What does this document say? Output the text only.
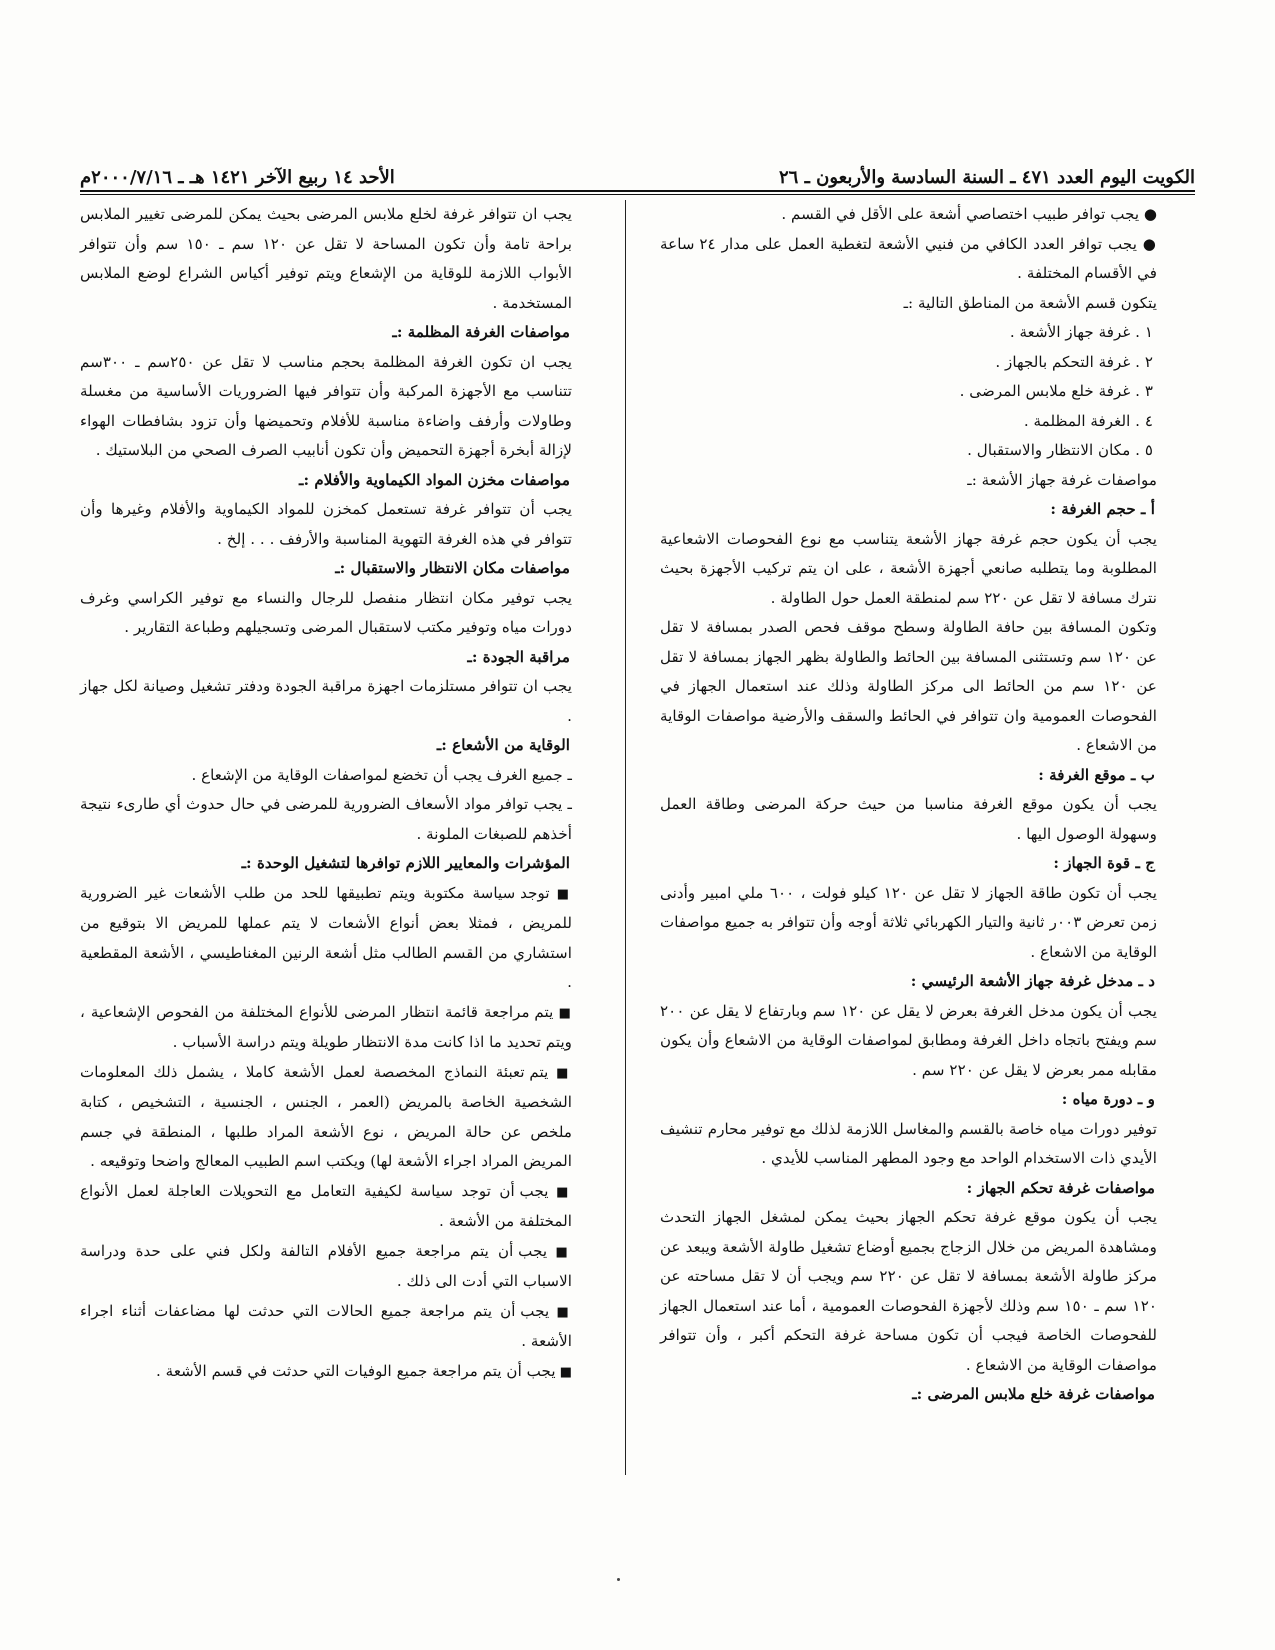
الكويت اليوم العدد ٤٧١ ـ السنة السادسة والأربعون ـ ٢٦
الأحد ١٤ ربيع الآخر ١٤٢١ هـ ـ ٢٠٠٠/٧/١٦م

● يجب توافر طبيب اختصاصي أشعة على الأقل في القسم .

● يجب توافر العدد الكافي من فنيي الأشعة لتغطية العمل على مدار ٢٤ ساعة في الأقسام المختلفة .

يتكون قسم الأشعة من المناطق التالية :ـ

١ . غرفة جهاز الأشعة .

٢ . غرفة التحكم بالجهاز .

٣ . غرفة خلع ملابس المرضى .

٤ . الغرفة المظلمة .

٥ . مكان الانتظار والاستقبال .

مواصفات غرفة جهاز الأشعة :ـ

أ ـ حجم الغرفة :

يجب أن يكون حجم غرفة جهاز الأشعة يتناسب مع نوع الفحوصات الاشعاعية المطلوبة وما يتطلبه صانعي أجهزة الأشعة ، على ان يتم تركيب الأجهزة بحيث نترك مسافة لا تقل عن ٢٢٠ سم لمنطقة العمل حول الطاولة .

وتكون المسافة بين حافة الطاولة وسطح موقف فحص الصدر بمسافة لا تقل عن ١٢٠ سم وتستثنى المسافة بين الحائط والطاولة بظهر الجهاز بمسافة لا تقل عن ١٢٠ سم من الحائط الى مركز الطاولة وذلك عند استعمال الجهاز في الفحوصات العمومية وان تتوافر في الحائط والسقف والأرضية مواصفات الوقاية من الاشعاع .

ب ـ موقع الغرفة :

يجب أن يكون موقع الغرفة مناسبا من حيث حركة المرضى وطاقة العمل وسهولة الوصول اليها .

ج ـ قوة الجهاز :

يجب أن تكون طاقة الجهاز لا تقل عن ١٢٠ كيلو فولت ، ٦٠٠ ملي امبير وأدنى زمن تعرض ٠٠٣ر ثانية والتيار الكهربائي ثلاثة أوجه وأن تتوافر به جميع مواصفات الوقاية من الاشعاع .

د ـ مدخل غرفة جهاز الأشعة الرئيسي :

يجب أن يكون مدخل الغرفة بعرض لا يقل عن ١٢٠ سم وبارتفاع لا يقل عن ٢٠٠ سم ويفتح باتجاه داخل الغرفة ومطابق لمواصفات الوقاية من الاشعاع وأن يكون مقابله ممر بعرض لا يقل عن ٢٢٠ سم .

و ـ دورة مياه :

توفير دورات مياه خاصة بالقسم والمغاسل اللازمة لذلك مع توفير محارم تنشيف الأيدي ذات الاستخدام الواحد مع وجود المطهر المناسب للأيدي .

مواصفات غرفة تحكم الجهاز :

يجب أن يكون موقع غرفة تحكم الجهاز بحيث يمكن لمشغل الجهاز التحدث ومشاهدة المريض من خلال الزجاج بجميع أوضاع تشغيل طاولة الأشعة ويبعد عن مركز طاولة الأشعة بمسافة لا تقل عن ٢٢٠ سم ويجب أن لا تقل مساحته عن ١٢٠ سم ـ ١٥٠ سم وذلك لأجهزة الفحوصات العمومية ، أما عند استعمال الجهاز للفحوصات الخاصة فيجب أن تكون مساحة غرفة التحكم أكبر ، وأن تتوافر مواصفات الوقاية من الاشعاع .

مواصفات غرفة خلع ملابس المرضى :ـ

يجب ان تتوافر غرفة لخلع ملابس المرضى بحيث يمكن للمرضى تغيير الملابس براحة تامة وأن تكون المساحة لا تقل عن ١٢٠ سم ـ ١٥٠ سم وأن تتوافر الأبواب اللازمة للوقاية من الإشعاع ويتم توفير أكياس الشراع لوضع الملابس المستخدمة .

مواصفات الغرفة المظلمة :ـ

يجب ان تكون الغرفة المظلمة بحجم مناسب لا تقل عن ٢٥٠سم ـ ٣٠٠سم تتناسب مع الأجهزة المركبة وأن تتوافر فيها الضروريات الأساسية من مغسلة وطاولات وأرفف واضاءة مناسبة للأفلام وتحميضها وأن تزود بشافطات الهواء لإزالة أبخرة أجهزة التحميض وأن تكون أنابيب الصرف الصحي من البلاستيك .

مواصفات مخزن المواد الكيماوية والأفلام :ـ

يجب أن تتوافر غرفة تستعمل كمخزن للمواد الكيماوية والأفلام وغيرها وأن تتوافر في هذه الغرفة التهوية المناسبة والأرفف . . . إلخ .

مواصفات مكان الانتظار والاستقبال :ـ

يجب توفير مكان انتظار منفصل للرجال والنساء مع توفير الكراسي وغرف دورات مياه وتوفير مكتب لاستقبال المرضى وتسجيلهم وطباعة التقارير .

مراقبة الجودة :ـ

يجب ان تتوافر مستلزمات اجهزة مراقبة الجودة ودفتر تشغيل وصيانة لكل جهاز .

الوقاية من الأشعاع :ـ

ـ جميع الغرف يجب أن تخضع لمواصفات الوقاية من الإشعاع .

ـ يجب توافر مواد الأسعاف الضرورية للمرضى في حال حدوث أي طارىء نتيجة أخذهم للصبغات الملونة .

المؤشرات والمعايير اللازم توافرها لتشغيل الوحدة :ـ

■ توجد سياسة مكتوبة ويتم تطبيقها للحد من طلب الأشعات غير الضرورية للمريض ، فمثلا بعض أنواع الأشعات لا يتم عملها للمريض الا بتوقيع من استشاري من القسم الطالب مثل أشعة الرنين المغناطيسي ، الأشعة المقطعية .

■ يتم مراجعة قائمة انتظار المرضى للأنواع المختلفة من الفحوص الإشعاعية ، ويتم تحديد ما اذا كانت مدة الانتظار طويلة ويتم دراسة الأسباب .

■ يتم تعبئة النماذج المخصصة لعمل الأشعة كاملا ، يشمل ذلك المعلومات الشخصية الخاصة بالمريض (العمر ، الجنس ، الجنسية ، التشخيص ، كتابة ملخص عن حالة المريض ، نوع الأشعة المراد طلبها ، المنطقة في جسم المريض المراد اجراء الأشعة لها) ويكتب اسم الطبيب المعالج واضحا وتوقيعه .

■ يجب أن توجد سياسة لكيفية التعامل مع التحويلات العاجلة لعمل الأنواع المختلفة من الأشعة .

■ يجب أن يتم مراجعة جميع الأفلام التالفة ولكل فني على حدة ودراسة الاسباب التي أدت الى ذلك .

■ يجب أن يتم مراجعة جميع الحالات التي حدثت لها مضاعفات أثناء اجراء الأشعة .

■ يجب أن يتم مراجعة جميع الوفيات التي حدثت في قسم الأشعة .
